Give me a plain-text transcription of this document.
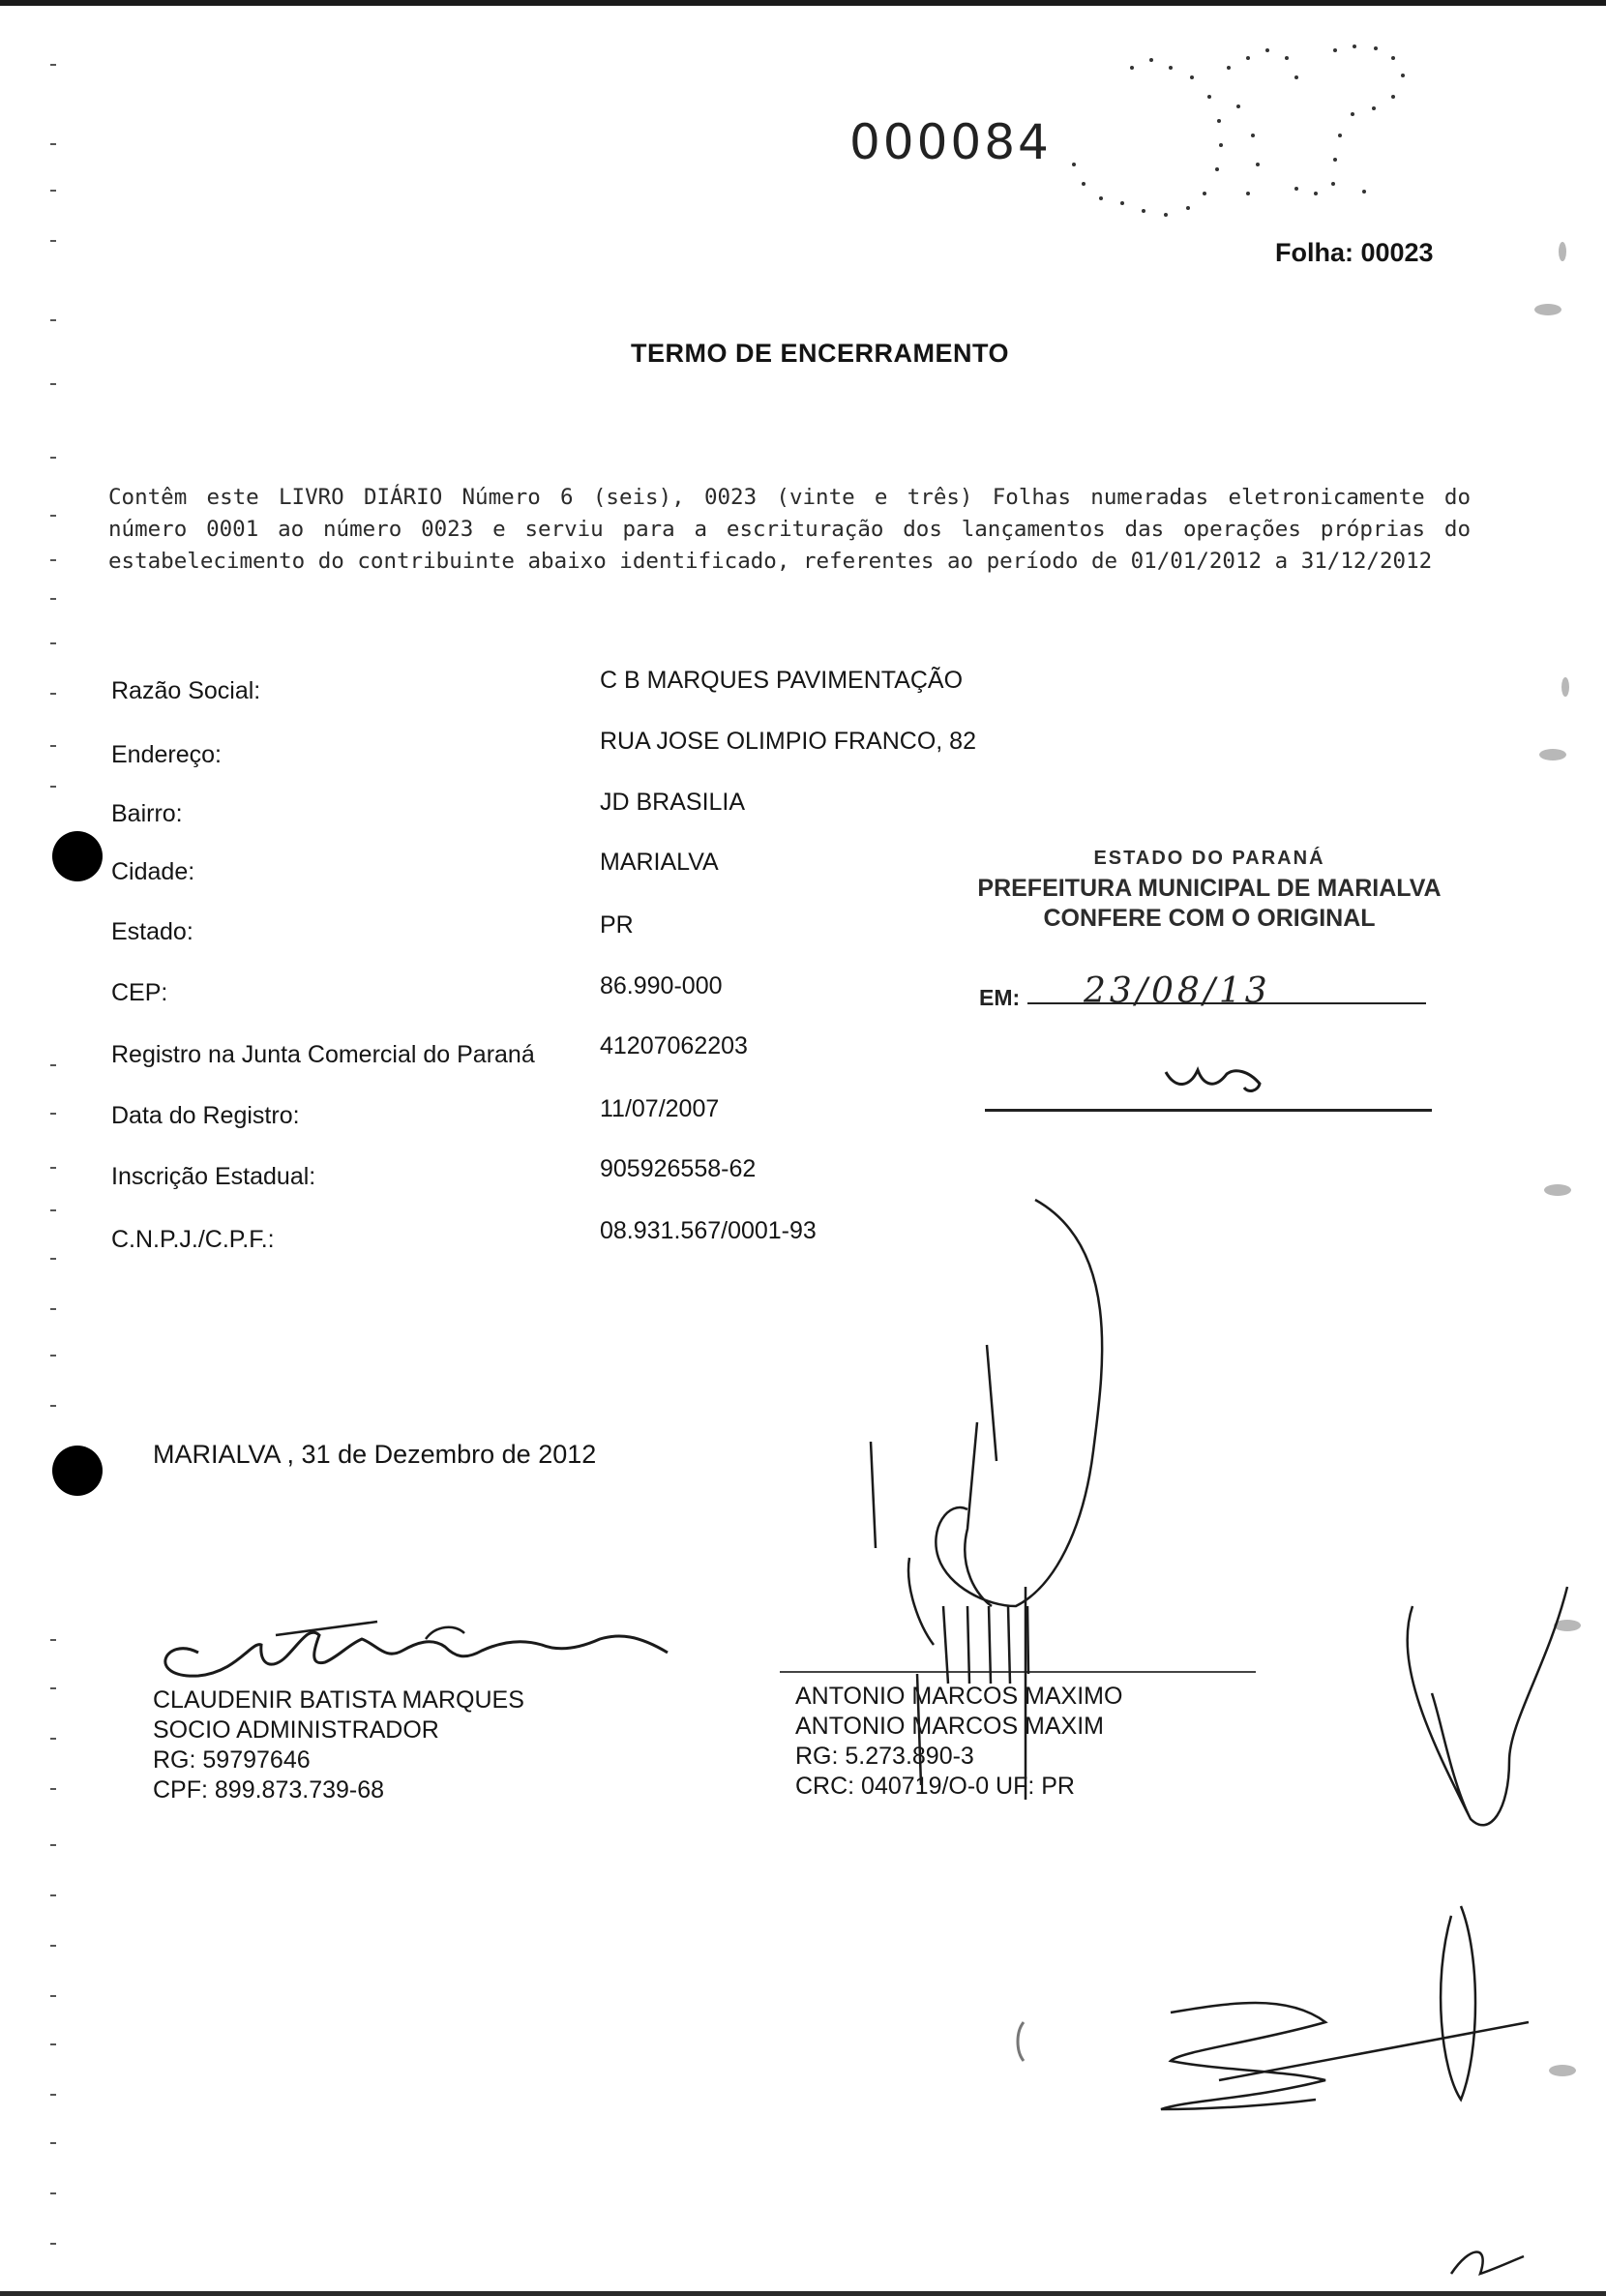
000084
Folha: 00023
TERMO DE ENCERRAMENTO
Contêm este LIVRO DIÁRIO Número 6 (seis), 0023 (vinte e três) Folhas numeradas eletronicamente do número 0001 ao número 0023 e serviu para a escrituração dos lançamentos das operações próprias do estabelecimento do contribuinte abaixo identificado, referentes ao período de 01/01/2012 a 31/12/2012
Razão Social:	C B MARQUES PAVIMENTAÇÃO
Endereço:	RUA JOSE OLIMPIO FRANCO, 82
Bairro:	JD BRASILIA
Cidade:	MARIALVA
Estado:	PR
CEP:	86.990-000
Registro na Junta Comercial do Paraná	41207062203
Data do Registro:	11/07/2007
Inscrição Estadual:	905926558-62
C.N.P.J./C.P.F.:	08.931.567/0001-93
ESTADO DO PARANÁ
PREFEITURA MUNICIPAL DE MARIALVA
CONFERE COM O ORIGINAL
EM: 23/08/13
MARIALVA , 31 de Dezembro de 2012
CLAUDENIR BATISTA MARQUES
SOCIO ADMINISTRADOR
RG: 59797646
CPF: 899.873.739-68
ANTONIO MARCOS MAXIMO
ANTONIO MARCOS MAXIM
RG: 5.273.890-3
CRC: 040719/O-0 UF: PR
